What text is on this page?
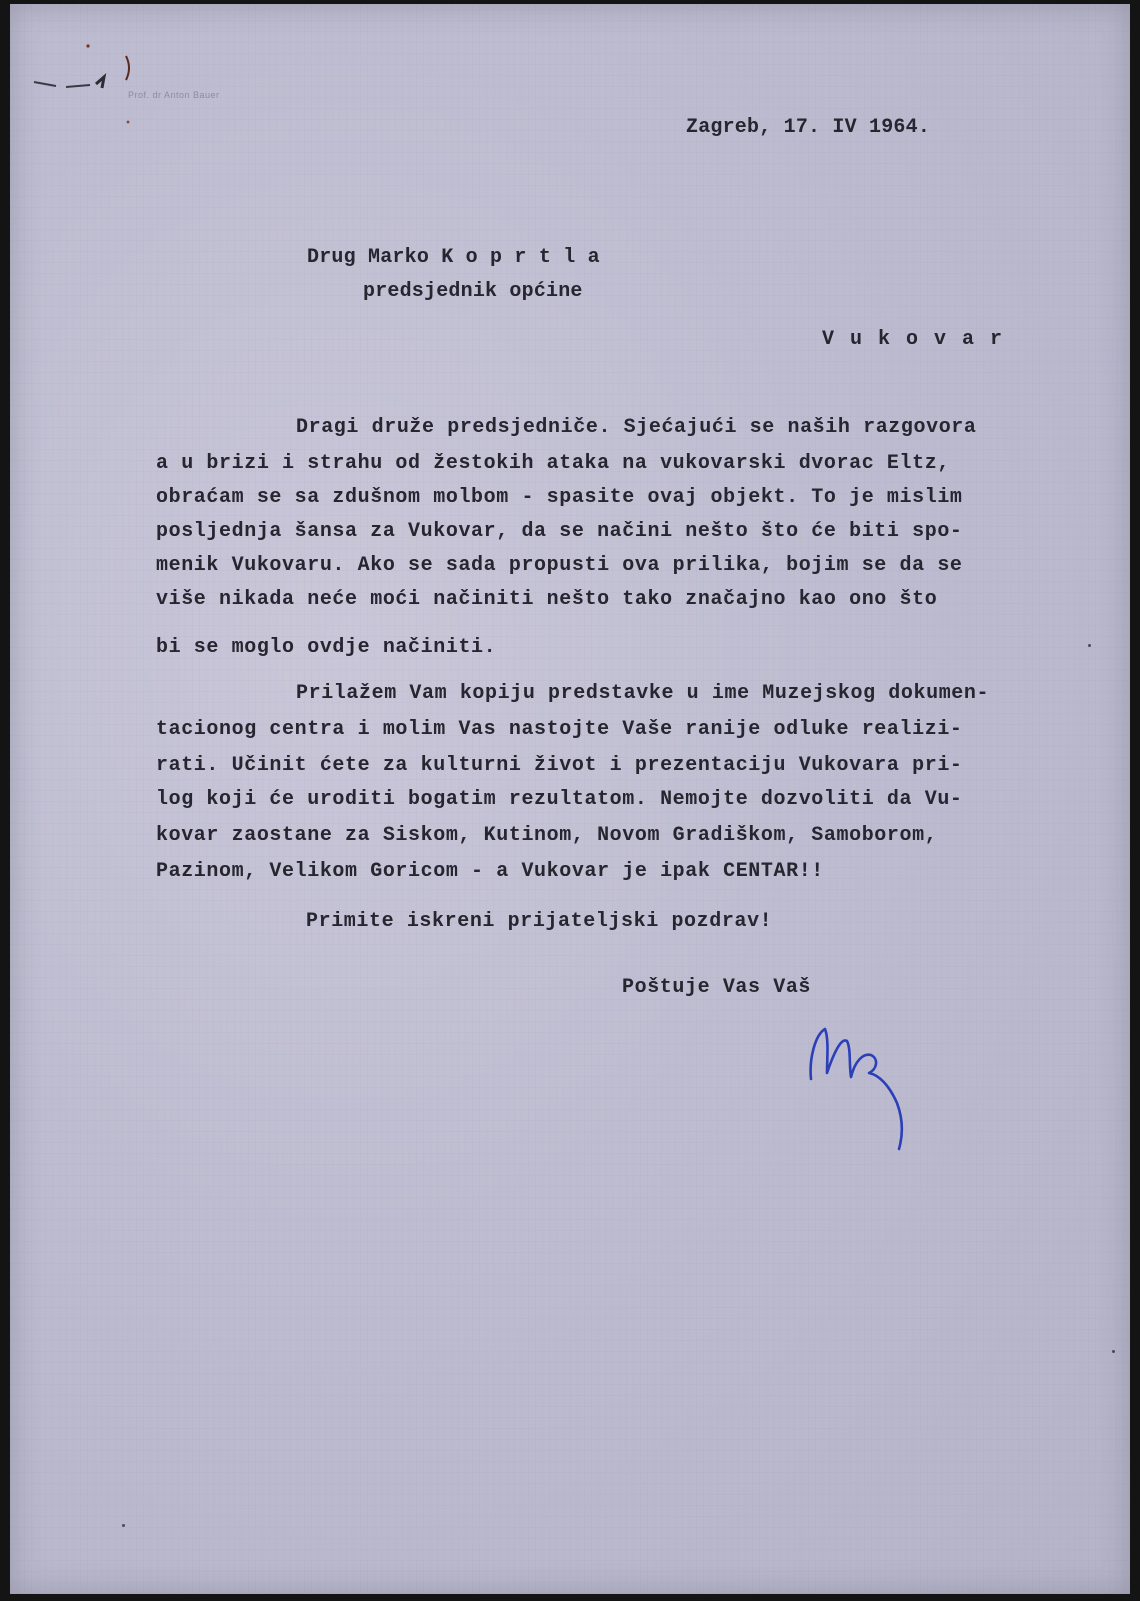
Prof. dr Anton Bauer
Zagreb, 17. IV 1964.
Drug Marko K o p r t l a
predsjednik općine
V u k o v a r
Dragi druže predsjedniče. Sjećajući se naših razgovora
a u brizi i strahu od žestokih ataka na vukovarski dvorac Eltz,
obraćam se sa zdušnom molbom - spasite ovaj objekt. To je mislim
posljednja šansa za Vukovar, da se načini nešto što će biti spo-
menik Vukovaru. Ako se sada propusti ova prilika, bojim se da se
više nikada neće moći načiniti nešto tako značajno kao ono što
bi se moglo ovdje načiniti.
Prilažem Vam kopiju predstavke u ime Muzejskog dokumen-
tacionog centra i molim Vas nastojte Vaše ranije odluke realizi-
rati. Učinit ćete za kulturni život i prezentaciju Vukovara pri-
log koji će uroditi bogatim rezultatom. Nemojte dozvoliti da Vu-
kovar zaostane za Siskom, Kutinom, Novom Gradiškom, Samoborom,
Pazinom, Velikom Goricom - a Vukovar je ipak CENTAR!!
Primite iskreni prijateljski pozdrav!
Poštuje Vas Vaš
